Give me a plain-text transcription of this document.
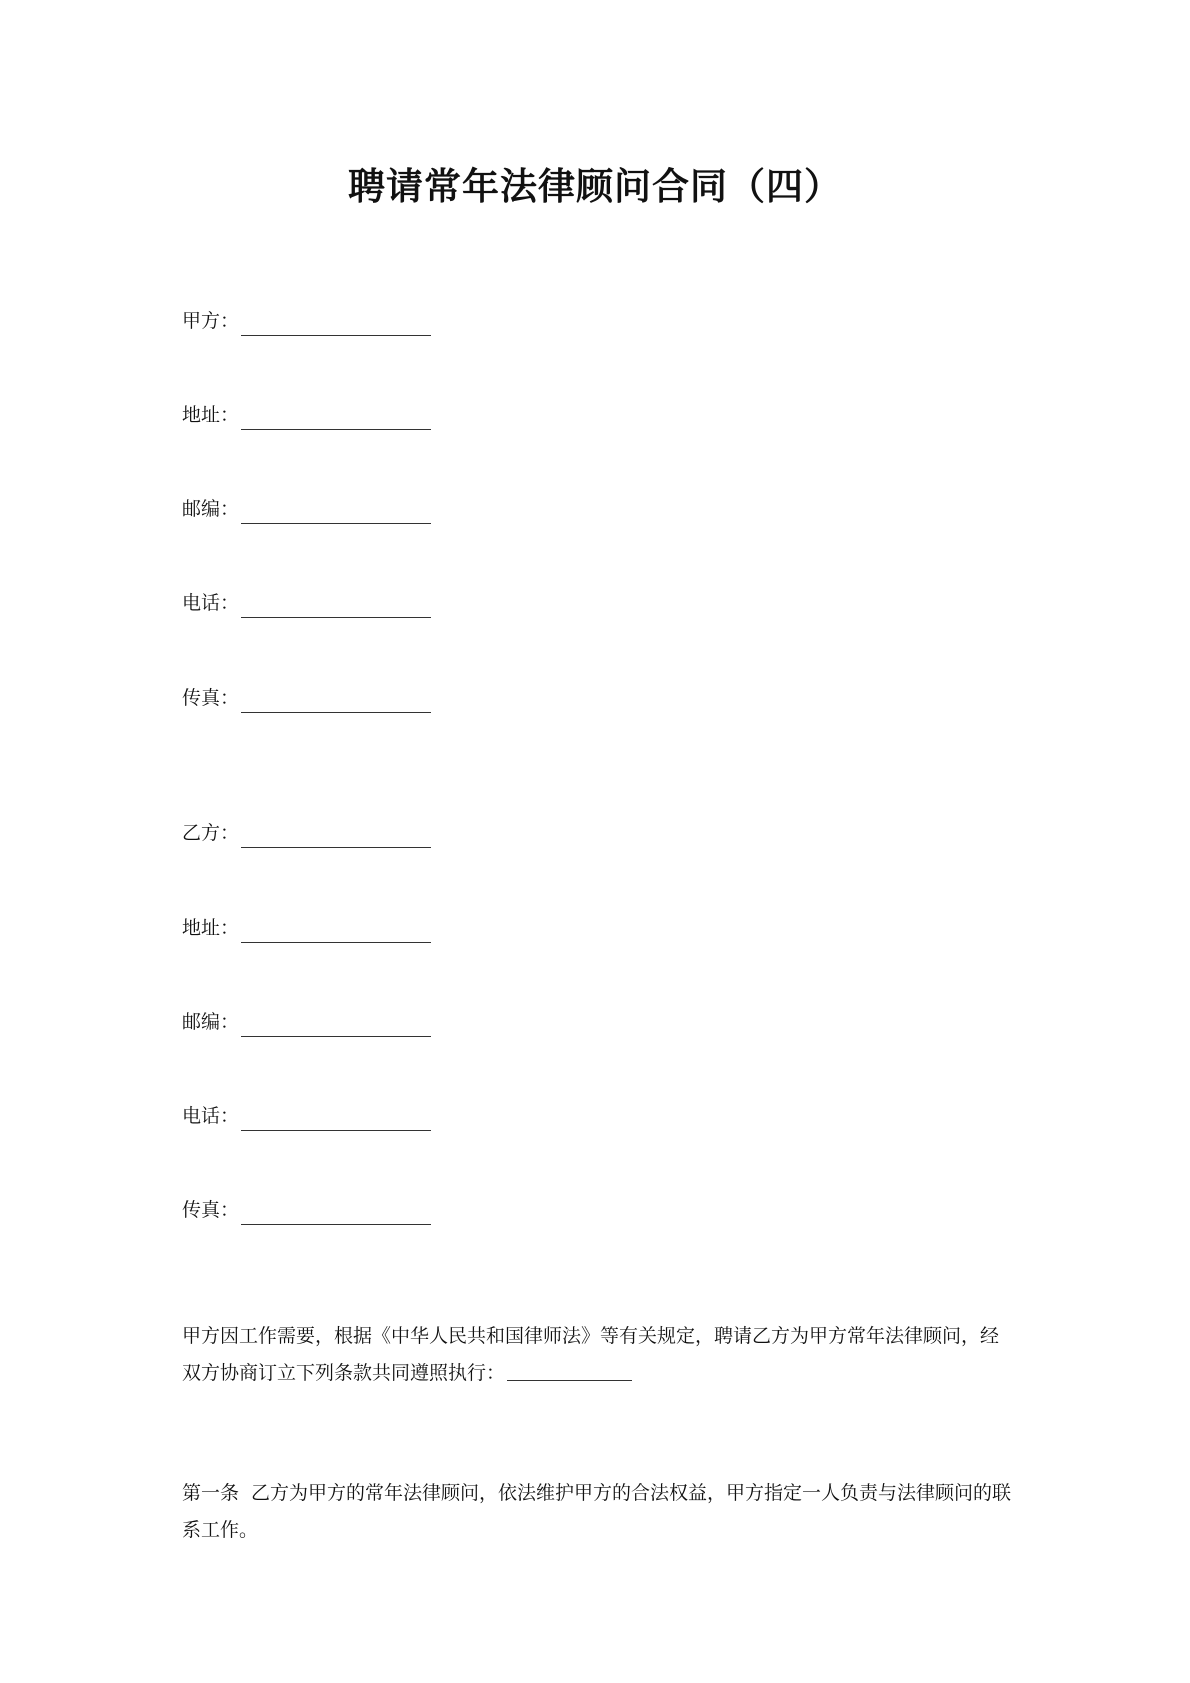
聘请常年法律顾问合同（四）
甲方：
地址：
邮编：
电话：
传真：
乙方：
地址：
邮编：
电话：
传真：
甲方因工作需要，根据《中华人民共和国律师法》等有关规定，聘请乙方为甲方常年法律顾问，经双方协商订立下列条款共同遵照执行：
第一条 乙方为甲方的常年法律顾问，依法维护甲方的合法权益，甲方指定一人负责与法律顾问的联系工作。
